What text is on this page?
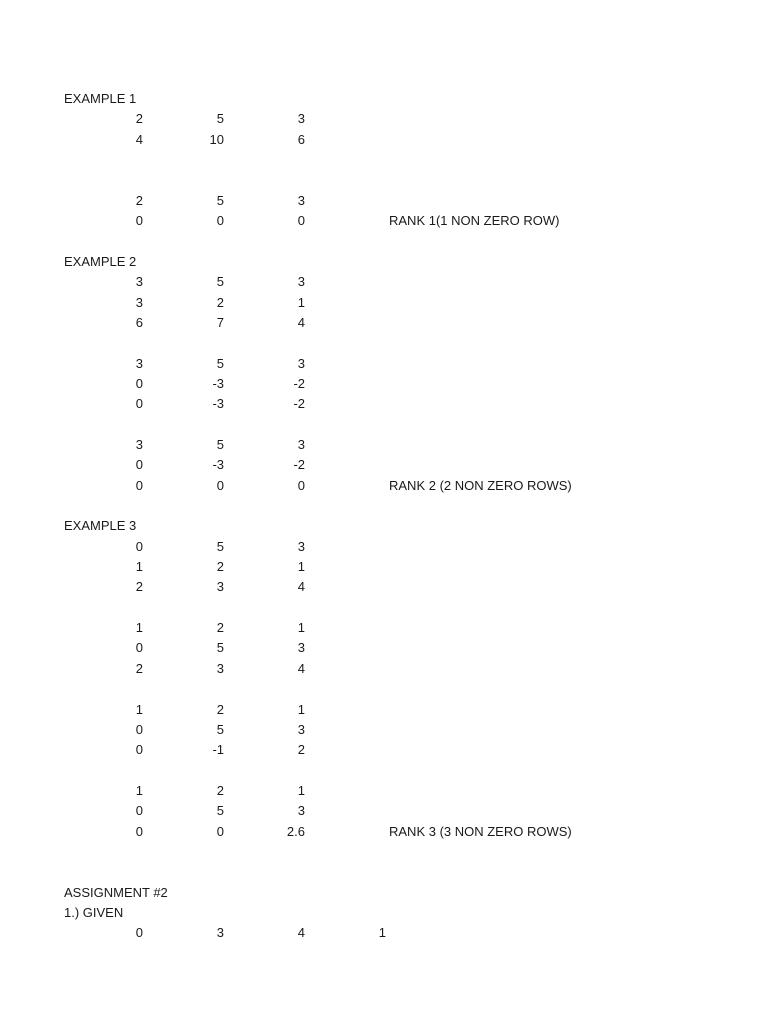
EXAMPLE 1
2	5	3
4	10	6
2	5	3
0	0	0	RANK 1(1 NON ZERO ROW)
EXAMPLE 2
3	5	3
3	2	1
6	7	4
3	5	3
0	-3	-2
0	-3	-2
3	5	3
0	-3	-2
0	0	0	RANK 2 (2 NON ZERO ROWS)
EXAMPLE 3
0	5	3
1	2	1
2	3	4
1	2	1
0	5	3
2	3	4
1	2	1
0	5	3
0	-1	2
1	2	1
0	5	3
0	0	2.6	RANK 3 (3 NON ZERO ROWS)
ASSIGNMENT #2
1.) GIVEN
0	3	4	1
